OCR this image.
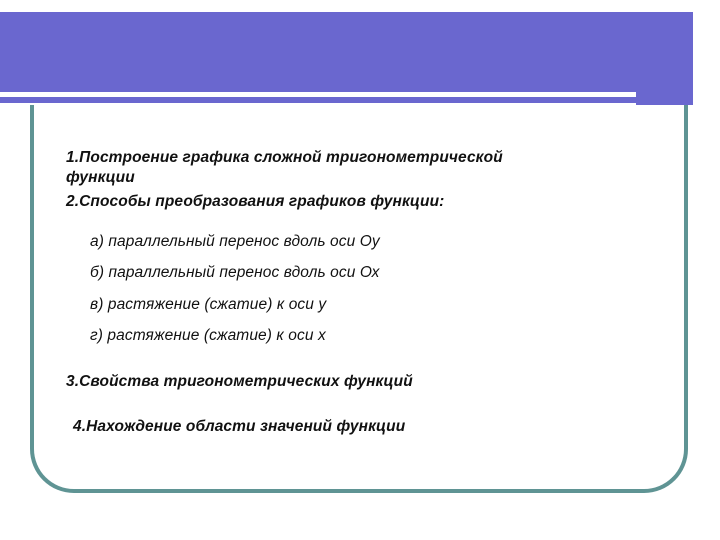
1.Построение графика сложной тригонометрической
функции
2.Способы преобразования графиков функции:
а) параллельный перенос вдоль оси Оу
б) параллельный перенос вдоль оси Ох
в) растяжение (сжатие) к оси у
г) растяжение (сжатие) к оси х
3.Свойства тригонометрических функций
4.Нахождение области значений функции
